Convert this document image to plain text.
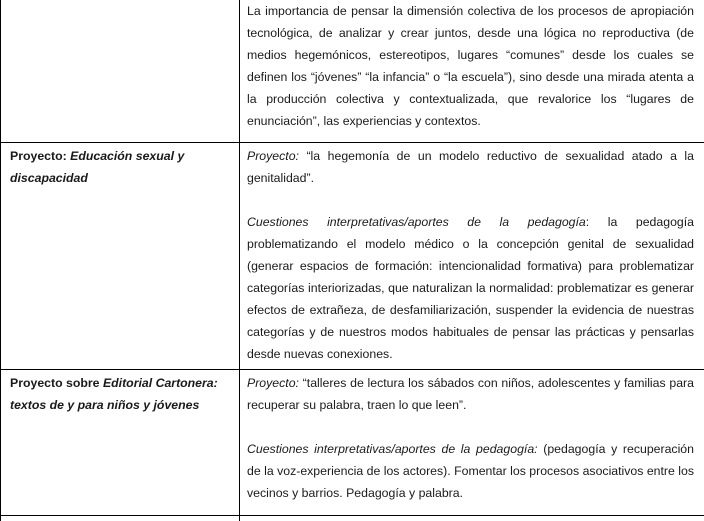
La importancia de pensar la dimensión colectiva de los procesos de apropiación tecnológica, de analizar y crear juntos, desde una lógica no reproductiva (de medios hegemónicos, estereotipos, lugares “comunes” desde los cuales se definen los “jóvenes” “la infancia” o “la escuela”), sino desde una mirada atenta a la producción colectiva y contextualizada, que revalorice los “lugares de enunciación”, las experiencias y contextos.

Proyecto: Educación sexual y discapacidad

Proyecto: “la hegemonía de un modelo reductivo de sexualidad atado a la genitalidad”.

Cuestiones interpretativas/aportes de la pedagogía: la pedagogía problematizando el modelo médico o la concepción genital de sexualidad (generar espacios de formación: intencionalidad formativa) para problematizar categorías interiorizadas, que naturalizan la normalidad: problematizar es generar efectos de extrañeza, de desfamiliarización, suspender la evidencia de nuestras categorías y de nuestros modos habituales de pensar las prácticas y pensarlas desde nuevas conexiones.

Proyecto sobre Editorial Cartonera: textos de y para niños y jóvenes

Proyecto: “talleres de lectura los sábados con niños, adolescentes y familias para recuperar su palabra, traen lo que leen”.

Cuestiones interpretativas/aportes de la pedagogía: (pedagogía y recuperación de la voz-experiencia de los actores). Fomentar los procesos asociativos entre los vecinos y barrios. Pedagogía y palabra.
